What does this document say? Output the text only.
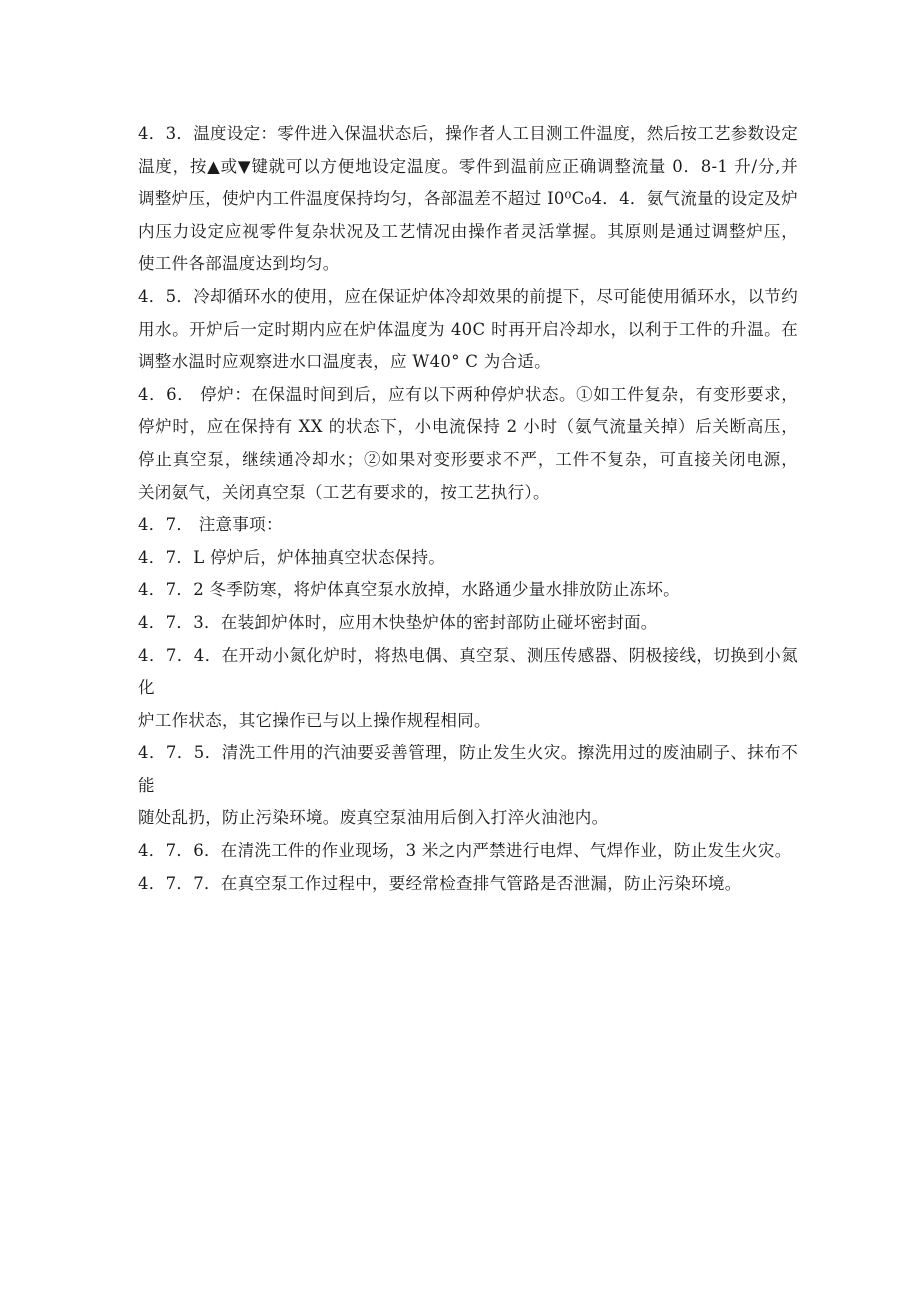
4．3．温度设定：零件进入保温状态后，操作者人工目测工件温度，然后按工艺参数设定
温度，按▲或▼键就可以方便地设定温度。零件到温前应正确调整流量 0．8-1 升/分,并
调整炉压，使炉内工件温度保持均匀，各部温差不超过 I0⁰C₀4．4．氨气流量的设定及炉
内压力设定应视零件复杂状况及工艺情况由操作者灵活掌握。其原则是通过调整炉压，
使工件各部温度达到均匀。

4．5．冷却循环水的使用，应在保证炉体冷却效果的前提下，尽可能使用循环水，以节约
用水。开炉后一定时期内应在炉体温度为 40C 时再开启冷却水，以利于工件的升温。在
调整水温时应观察进水口温度表，应 W40° C 为合适。

4．6． 停炉：在保温时间到后，应有以下两种停炉状态。①如工件复杂，有变形要求，
停炉时，应在保持有 XX 的状态下，小电流保持 2 小时（氨气流量关掉）后关断高压，
停止真空泵，继续通冷却水；②如果对变形要求不严，工件不复杂，可直接关闭电源，
关闭氨气，关闭真空泵（工艺有要求的，按工艺执行）。

4．7． 注意事项：

4．7．L 停炉后，炉体抽真空状态保持。

4．7．2 冬季防寒，将炉体真空泵水放掉，水路通少量水排放防止冻坏。

4．7．3．在装卸炉体时，应用木快垫炉体的密封部防止碰坏密封面。

4．7．4．在开动小氮化炉时，将热电偶、真空泵、测压传感器、阴极接线，切换到小氮化
炉工作状态，其它操作已与以上操作规程相同。

4．7．5．清洗工件用的汽油要妥善管理，防止发生火灾。擦洗用过的废油刷子、抹布不能
随处乱扔，防止污染环境。废真空泵油用后倒入打淬火油池内。

4．7．6．在清洗工件的作业现场，3 米之内严禁进行电焊、气焊作业，防止发生火灾。

4．7．7．在真空泵工作过程中，要经常检查排气管路是否泄漏，防止污染环境。
